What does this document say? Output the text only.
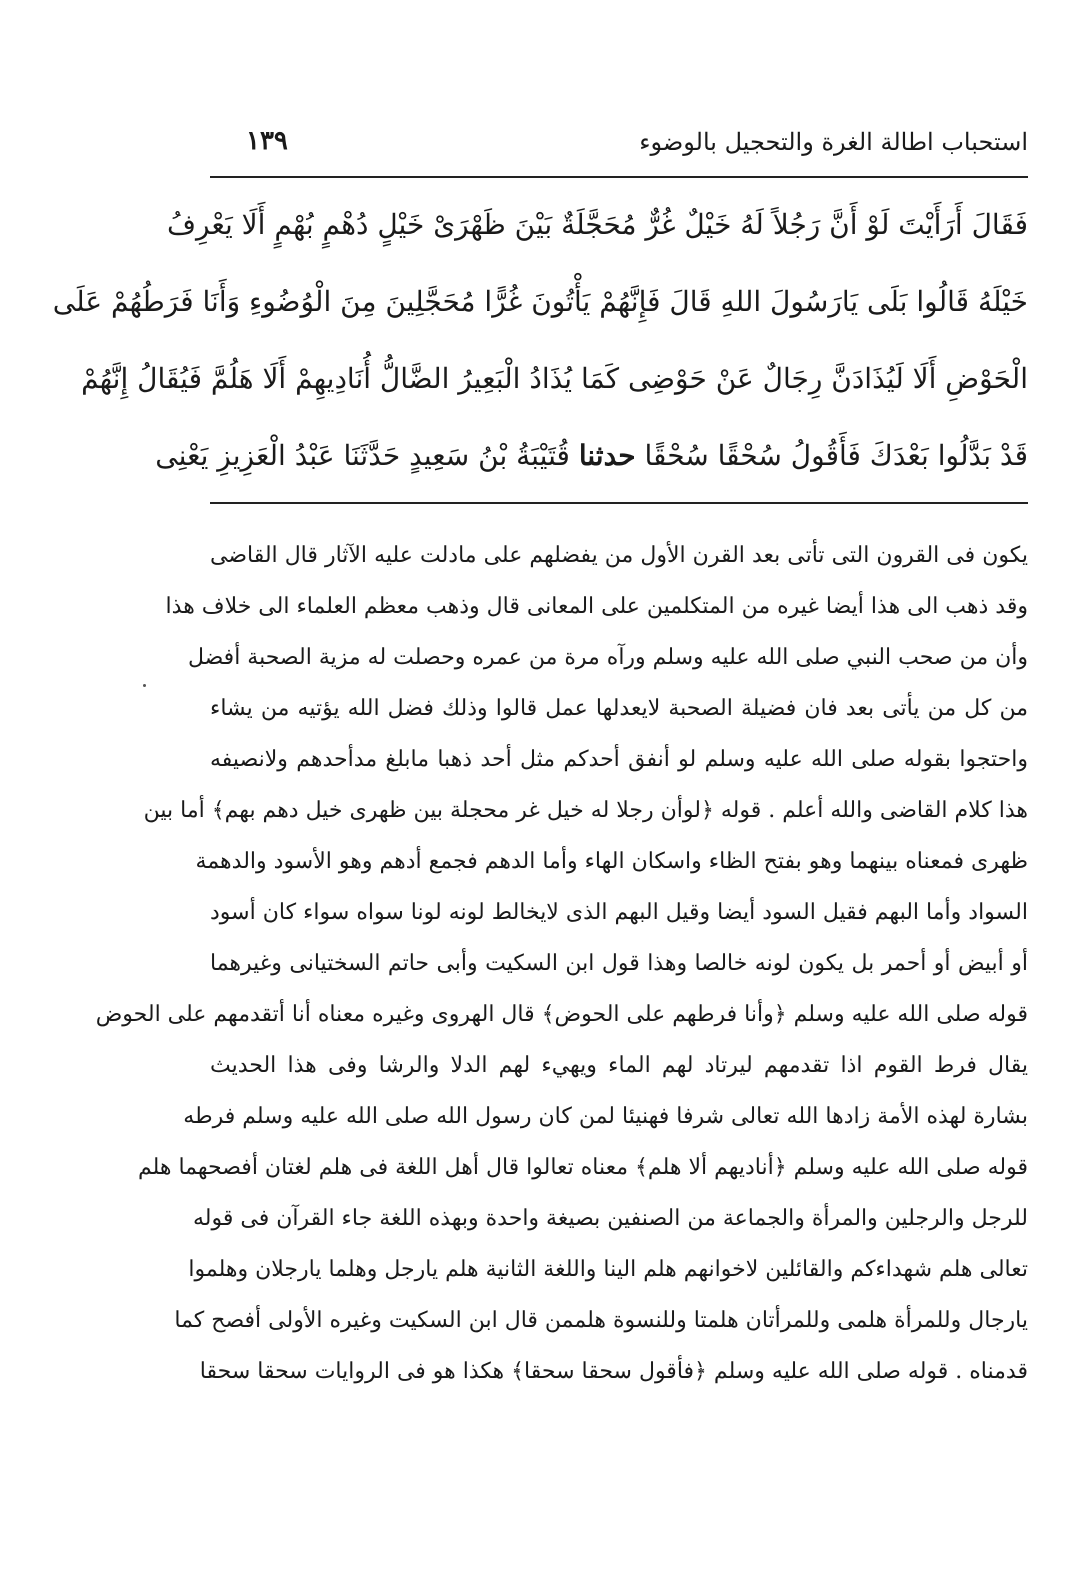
استحباب اطالة الغرة والتحجيل بالوضوء
١٣٩
فَقَالَ أَرَأَيْتَ لَوْ أَنَّ رَجُلاً لَهُ خَيْلٌ غُرٌّ مُحَجَّلَةٌ بَيْنَ ظَهْرَىْ خَيْلٍ دُهْمٍ بُهْمٍ أَلَا يَعْرِفُ
خَيْلَهُ قَالُوا بَلَى يَارَسُولَ اللهِ قَالَ فَإِنَّهُمْ يَأْتُونَ غُرًّا مُحَجَّلِينَ مِنَ الْوُضُوءِ وَأَنَا فَرَطُهُمْ عَلَى
الْحَوْضِ أَلَا لَيُذَادَنَّ رِجَالٌ عَنْ حَوْضِى كَمَا يُذَادُ الْبَعِيرُ الضَّالُّ أُنَادِيهِمْ أَلَا هَلُمَّ فَيُقَالُ إِنَّهُمْ
قَدْ بَدَّلُوا بَعْدَكَ فَأَقُولُ سُحْقًا سُحْقًا حدثنا قُتَيْبَةُ بْنُ سَعِيدٍ حَدَّثَنَا عَبْدُ الْعَزِيزِ يَعْنِى
يكون فى القرون التى تأتى بعد القرن الأول من يفضلهم على مادلت عليه الآثار قال القاضى
وقد ذهب الى هذا أيضا غيره من المتكلمين على المعانى قال وذهب معظم العلماء الى خلاف هذا
وأن من صحب النبي صلى الله عليه وسلم ورآه مرة من عمره وحصلت له مزية الصحبة أفضل
من كل من يأتى بعد فان فضيلة الصحبة لايعدلها عمل قالوا وذلك فضل الله يؤتيه من يشاء
واحتجوا بقوله صلى الله عليه وسلم لو أنفق أحدكم مثل أحد ذهبا مابلغ مدأحدهم ولانصيفه
هذا كلام القاضى والله أعلم . قوله ﴿لوأن رجلا له خيل غر محجلة بين ظهرى خيل دهم بهم﴾ أما بين
ظهرى فمعناه بينهما وهو بفتح الظاء واسكان الهاء وأما الدهم فجمع أدهم وهو الأسود والدهمة
السواد وأما البهم فقيل السود أيضا وقيل البهم الذى لايخالط لونه لونا سواه سواء كان أسود
أو أبيض أو أحمر بل يكون لونه خالصا وهذا قول ابن السكيت وأبى حاتم السختيانى وغيرهما
قوله صلى الله عليه وسلم ﴿وأنا فرطهم على الحوض﴾ قال الهروى وغيره معناه أنا أتقدمهم على الحوض
يقال فرط القوم اذا تقدمهم ليرتاد لهم الماء ويهيء لهم الدلا والرشا وفى هذا الحديث
بشارة لهذه الأمة زادها الله تعالى شرفا فهنيئا لمن كان رسول الله صلى الله عليه وسلم فرطه
قوله صلى الله عليه وسلم ﴿أناديهم ألا هلم﴾ معناه تعالوا قال أهل اللغة فى هلم لغتان أفصحهما هلم
للرجل والرجلين والمرأة والجماعة من الصنفين بصيغة واحدة وبهذه اللغة جاء القرآن فى قوله
تعالى هلم شهداءكم والقائلين لاخوانهم هلم الينا واللغة الثانية هلم يارجل وهلما يارجلان وهلموا
يارجال وللمرأة هلمى وللمرأتان هلمتا وللنسوة هلممن قال ابن السكيت وغيره الأولى أفصح كما
قدمناه . قوله صلى الله عليه وسلم ﴿فأقول سحقا سحقا﴾ هكذا هو فى الروايات سحقا سحقا
